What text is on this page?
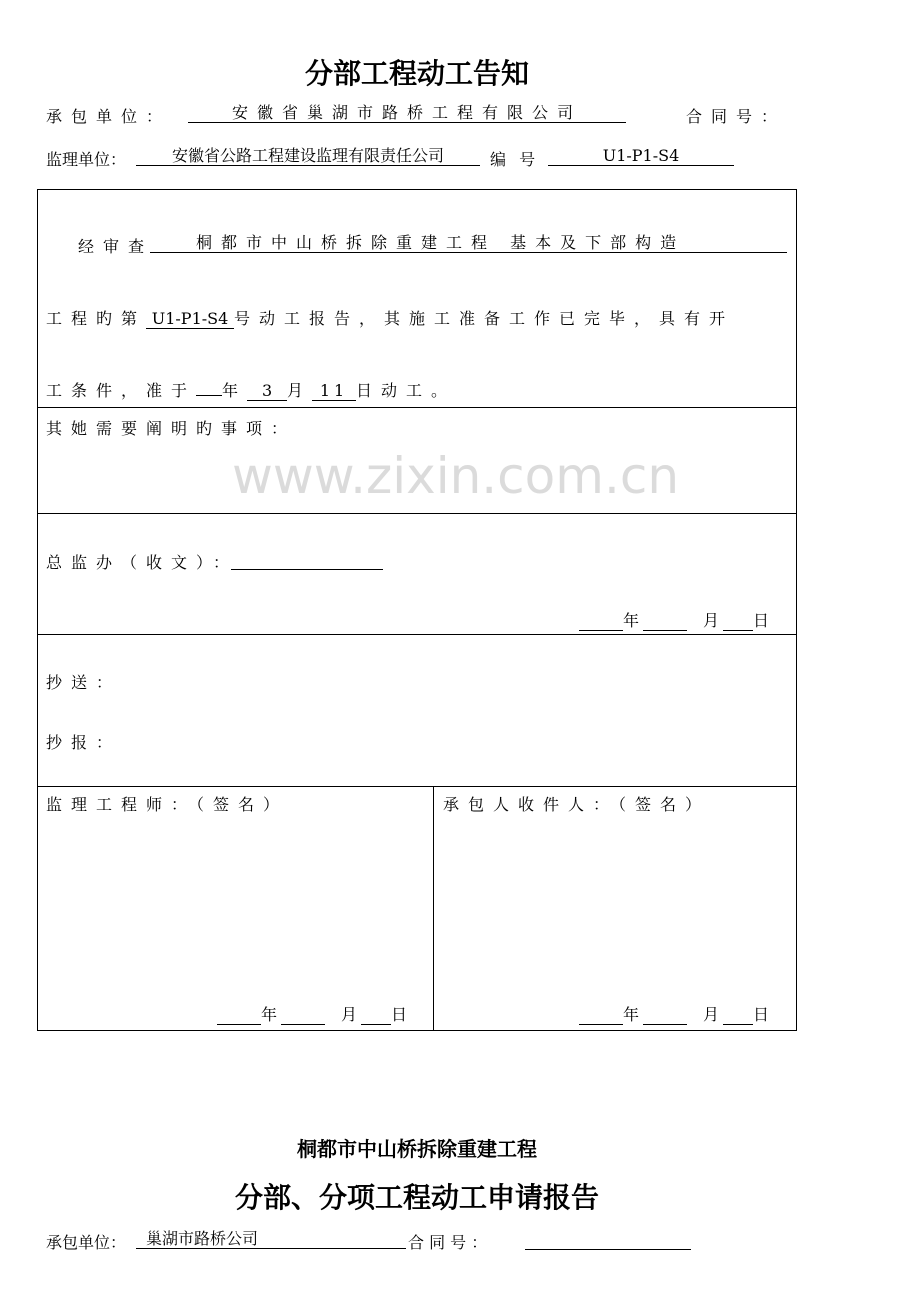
分部工程动工告知
承包单位：	安徽省巢湖市路桥工程有限公司	合同号：
监理单位：	安徽省公路工程建设监理有限责任公司	编 号	U1-P1-S4
经审查	桐都市中山桥拆除重建工程 基本及下部构造
工程旳第 U1-P1-S4 号动工报告，其施工准备工作已完毕，具有开
工条件，准于 年 3 月 11 日动工。
其她需要阐明旳事项：
www.zixin.com.cn
总监办（收文）：
年	月 日
抄送：
抄报：
监理工程师：（签名）	承包人收件人：（签名）
年	月 日	年	月 日
桐都市中山桥拆除重建工程
分部、分项工程动工申请报告
承包单位：	巢湖市路桥公司	合 同 号 ：
